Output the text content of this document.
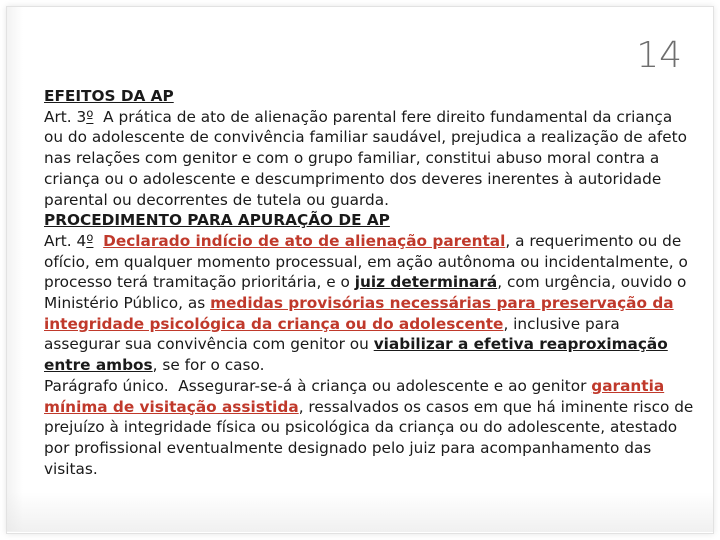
14

EFEITOS DA AP

Art. 3º  A prática de ato de alienação parental fere direito fundamental da criança ou do adolescente de convivência familiar saudável, prejudica a realização de afeto nas relações com genitor e com o grupo familiar, constitui abuso moral contra a criança ou o adolescente e descumprimento dos deveres inerentes à autoridade parental ou decorrentes de tutela ou guarda.

PROCEDIMENTO PARA APURAÇÃO DE AP

Art. 4º Declarado indício de ato de alienação parental, a requerimento ou de ofício, em qualquer momento processual, em ação autônoma ou incidentalmente, o processo terá tramitação prioritária, e o juiz determinará, com urgência, ouvido o Ministério Público, as medidas provisórias necessárias para preservação da integridade psicológica da criança ou do adolescente, inclusive para assegurar sua convivência com genitor ou viabilizar a efetiva reaproximação entre ambos, se for o caso.

Parágrafo único.  Assegurar-se-á à criança ou adolescente e ao genitor garantia mínima de visitação assistida, ressalvados os casos em que há iminente risco de prejuízo à integridade física ou psicológica da criança ou do adolescente, atestado por profissional eventualmente designado pelo juiz para acompanhamento das visitas.
